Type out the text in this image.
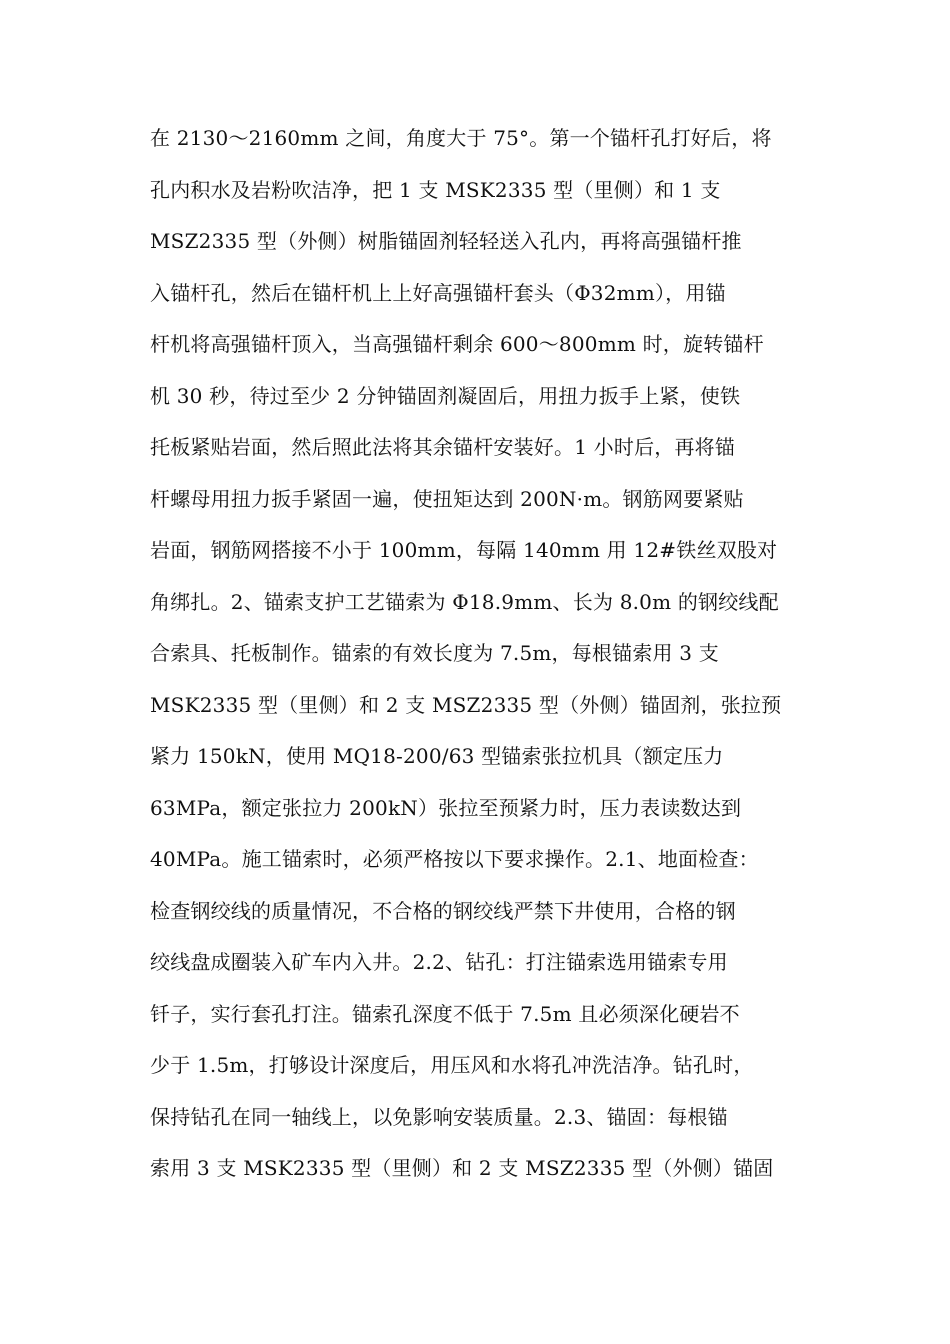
在 2130～2160mm 之间，角度大于 75°。第一个锚杆孔打好后，将
孔内积水及岩粉吹洁净，把 1 支 MSK2335 型（里侧）和 1 支
MSZ2335 型（外侧）树脂锚固剂轻轻送入孔内，再将高强锚杆推
入锚杆孔，然后在锚杆机上上好高强锚杆套头（Φ32mm），用锚
杆机将高强锚杆顶入，当高强锚杆剩余 600～800mm 时，旋转锚杆
机 30 秒，待过至少 2 分钟锚固剂凝固后，用扭力扳手上紧，使铁
托板紧贴岩面，然后照此法将其余锚杆安装好。1 小时后，再将锚
杆螺母用扭力扳手紧固一遍，使扭矩达到 200N·m。钢筋网要紧贴
岩面，钢筋网搭接不小于 100mm，每隔 140mm 用 12#铁丝双股对
角绑扎。2、锚索支护工艺锚索为 Φ18.9mm、长为 8.0m 的钢绞线配
合索具、托板制作。锚索的有效长度为 7.5m，每根锚索用 3 支
MSK2335 型（里侧）和 2 支 MSZ2335 型（外侧）锚固剂，张拉预
紧力 150kN，使用 MQ18-200/63 型锚索张拉机具（额定压力
63MPa，额定张拉力 200kN）张拉至预紧力时，压力表读数达到
40MPa。施工锚索时，必须严格按以下要求操作。2.1、地面检查：
检查钢绞线的质量情况，不合格的钢绞线严禁下井使用，合格的钢
绞线盘成圈装入矿车内入井。2.2、钻孔：打注锚索选用锚索专用
钎子，实行套孔打注。锚索孔深度不低于 7.5m 且必须深化硬岩不
少于 1.5m，打够设计深度后，用压风和水将孔冲洗洁净。钻孔时，
保持钻孔在同一轴线上，以免影响安装质量。2.3、锚固：每根锚
索用 3 支 MSK2335 型（里侧）和 2 支 MSZ2335 型（外侧）锚固
